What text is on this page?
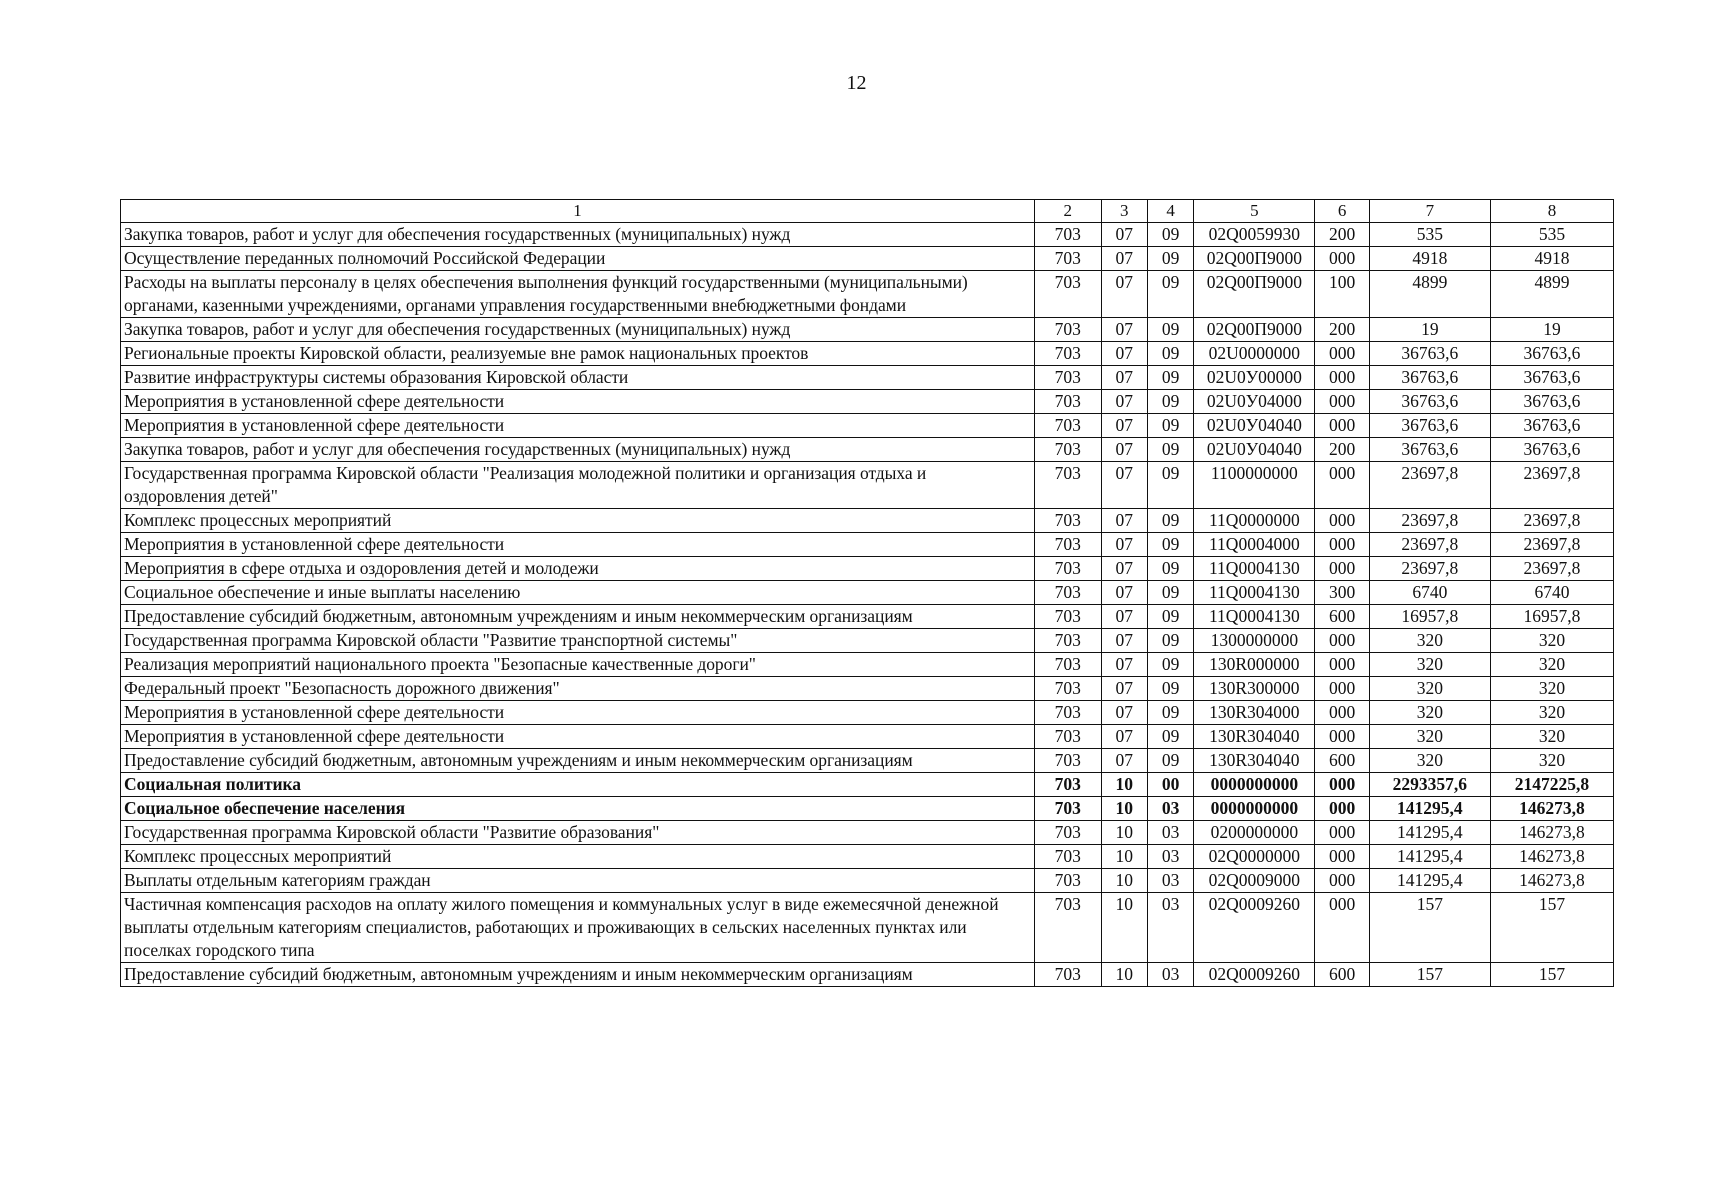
12
1	2	3	4	5	6	7	8
Закупка товаров, работ и услуг для обеспечения государственных (муниципальных) нужд	703	07	09	02Q0059930	200	535	535
Осуществление переданных полномочий Российской Федерации	703	07	09	02Q00П9000	000	4918	4918
Расходы на выплаты персоналу в целях обеспечения выполнения функций государственными (муниципальными) органами, казенными учреждениями, органами управления государственными внебюджетными фондами	703	07	09	02Q00П9000	100	4899	4899
Закупка товаров, работ и услуг для обеспечения государственных (муниципальных) нужд	703	07	09	02Q00П9000	200	19	19
Региональные проекты Кировской области, реализуемые вне рамок национальных проектов	703	07	09	02U0000000	000	36763,6	36763,6
Развитие инфраструктуры системы образования Кировской области	703	07	09	02U0У00000	000	36763,6	36763,6
Мероприятия в установленной сфере деятельности	703	07	09	02U0У04000	000	36763,6	36763,6
Мероприятия в установленной сфере деятельности	703	07	09	02U0У04040	000	36763,6	36763,6
Закупка товаров, работ и услуг для обеспечения государственных (муниципальных) нужд	703	07	09	02U0У04040	200	36763,6	36763,6
Государственная программа Кировской области "Реализация молодежной политики и организация отдыха и оздоровления детей"	703	07	09	1100000000	000	23697,8	23697,8
Комплекс процессных мероприятий	703	07	09	11Q0000000	000	23697,8	23697,8
Мероприятия в установленной сфере деятельности	703	07	09	11Q0004000	000	23697,8	23697,8
Мероприятия в сфере отдыха и оздоровления детей и молодежи	703	07	09	11Q0004130	000	23697,8	23697,8
Социальное обеспечение и иные выплаты населению	703	07	09	11Q0004130	300	6740	6740
Предоставление субсидий бюджетным, автономным учреждениям и иным некоммерческим организациям	703	07	09	11Q0004130	600	16957,8	16957,8
Государственная программа Кировской области "Развитие транспортной системы"	703	07	09	1300000000	000	320	320
Реализация мероприятий национального проекта "Безопасные качественные дороги"	703	07	09	130R000000	000	320	320
Федеральный проект "Безопасность дорожного движения"	703	07	09	130R300000	000	320	320
Мероприятия в установленной сфере деятельности	703	07	09	130R304000	000	320	320
Мероприятия в установленной сфере деятельности	703	07	09	130R304040	000	320	320
Предоставление субсидий бюджетным, автономным учреждениям и иным некоммерческим организациям	703	07	09	130R304040	600	320	320
Социальная политика	703	10	00	0000000000	000	2293357,6	2147225,8
Социальное обеспечение населения	703	10	03	0000000000	000	141295,4	146273,8
Государственная программа Кировской области "Развитие образования"	703	10	03	0200000000	000	141295,4	146273,8
Комплекс процессных мероприятий	703	10	03	02Q0000000	000	141295,4	146273,8
Выплаты отдельным категориям граждан	703	10	03	02Q0009000	000	141295,4	146273,8
Частичная компенсация расходов на оплату жилого помещения и коммунальных услуг в виде ежемесячной денежной выплаты отдельным категориям специалистов, работающих и проживающих в сельских населенных пунктах или поселках городского типа	703	10	03	02Q0009260	000	157	157
Предоставление субсидий бюджетным, автономным учреждениям и иным некоммерческим организациям	703	10	03	02Q0009260	600	157	157
